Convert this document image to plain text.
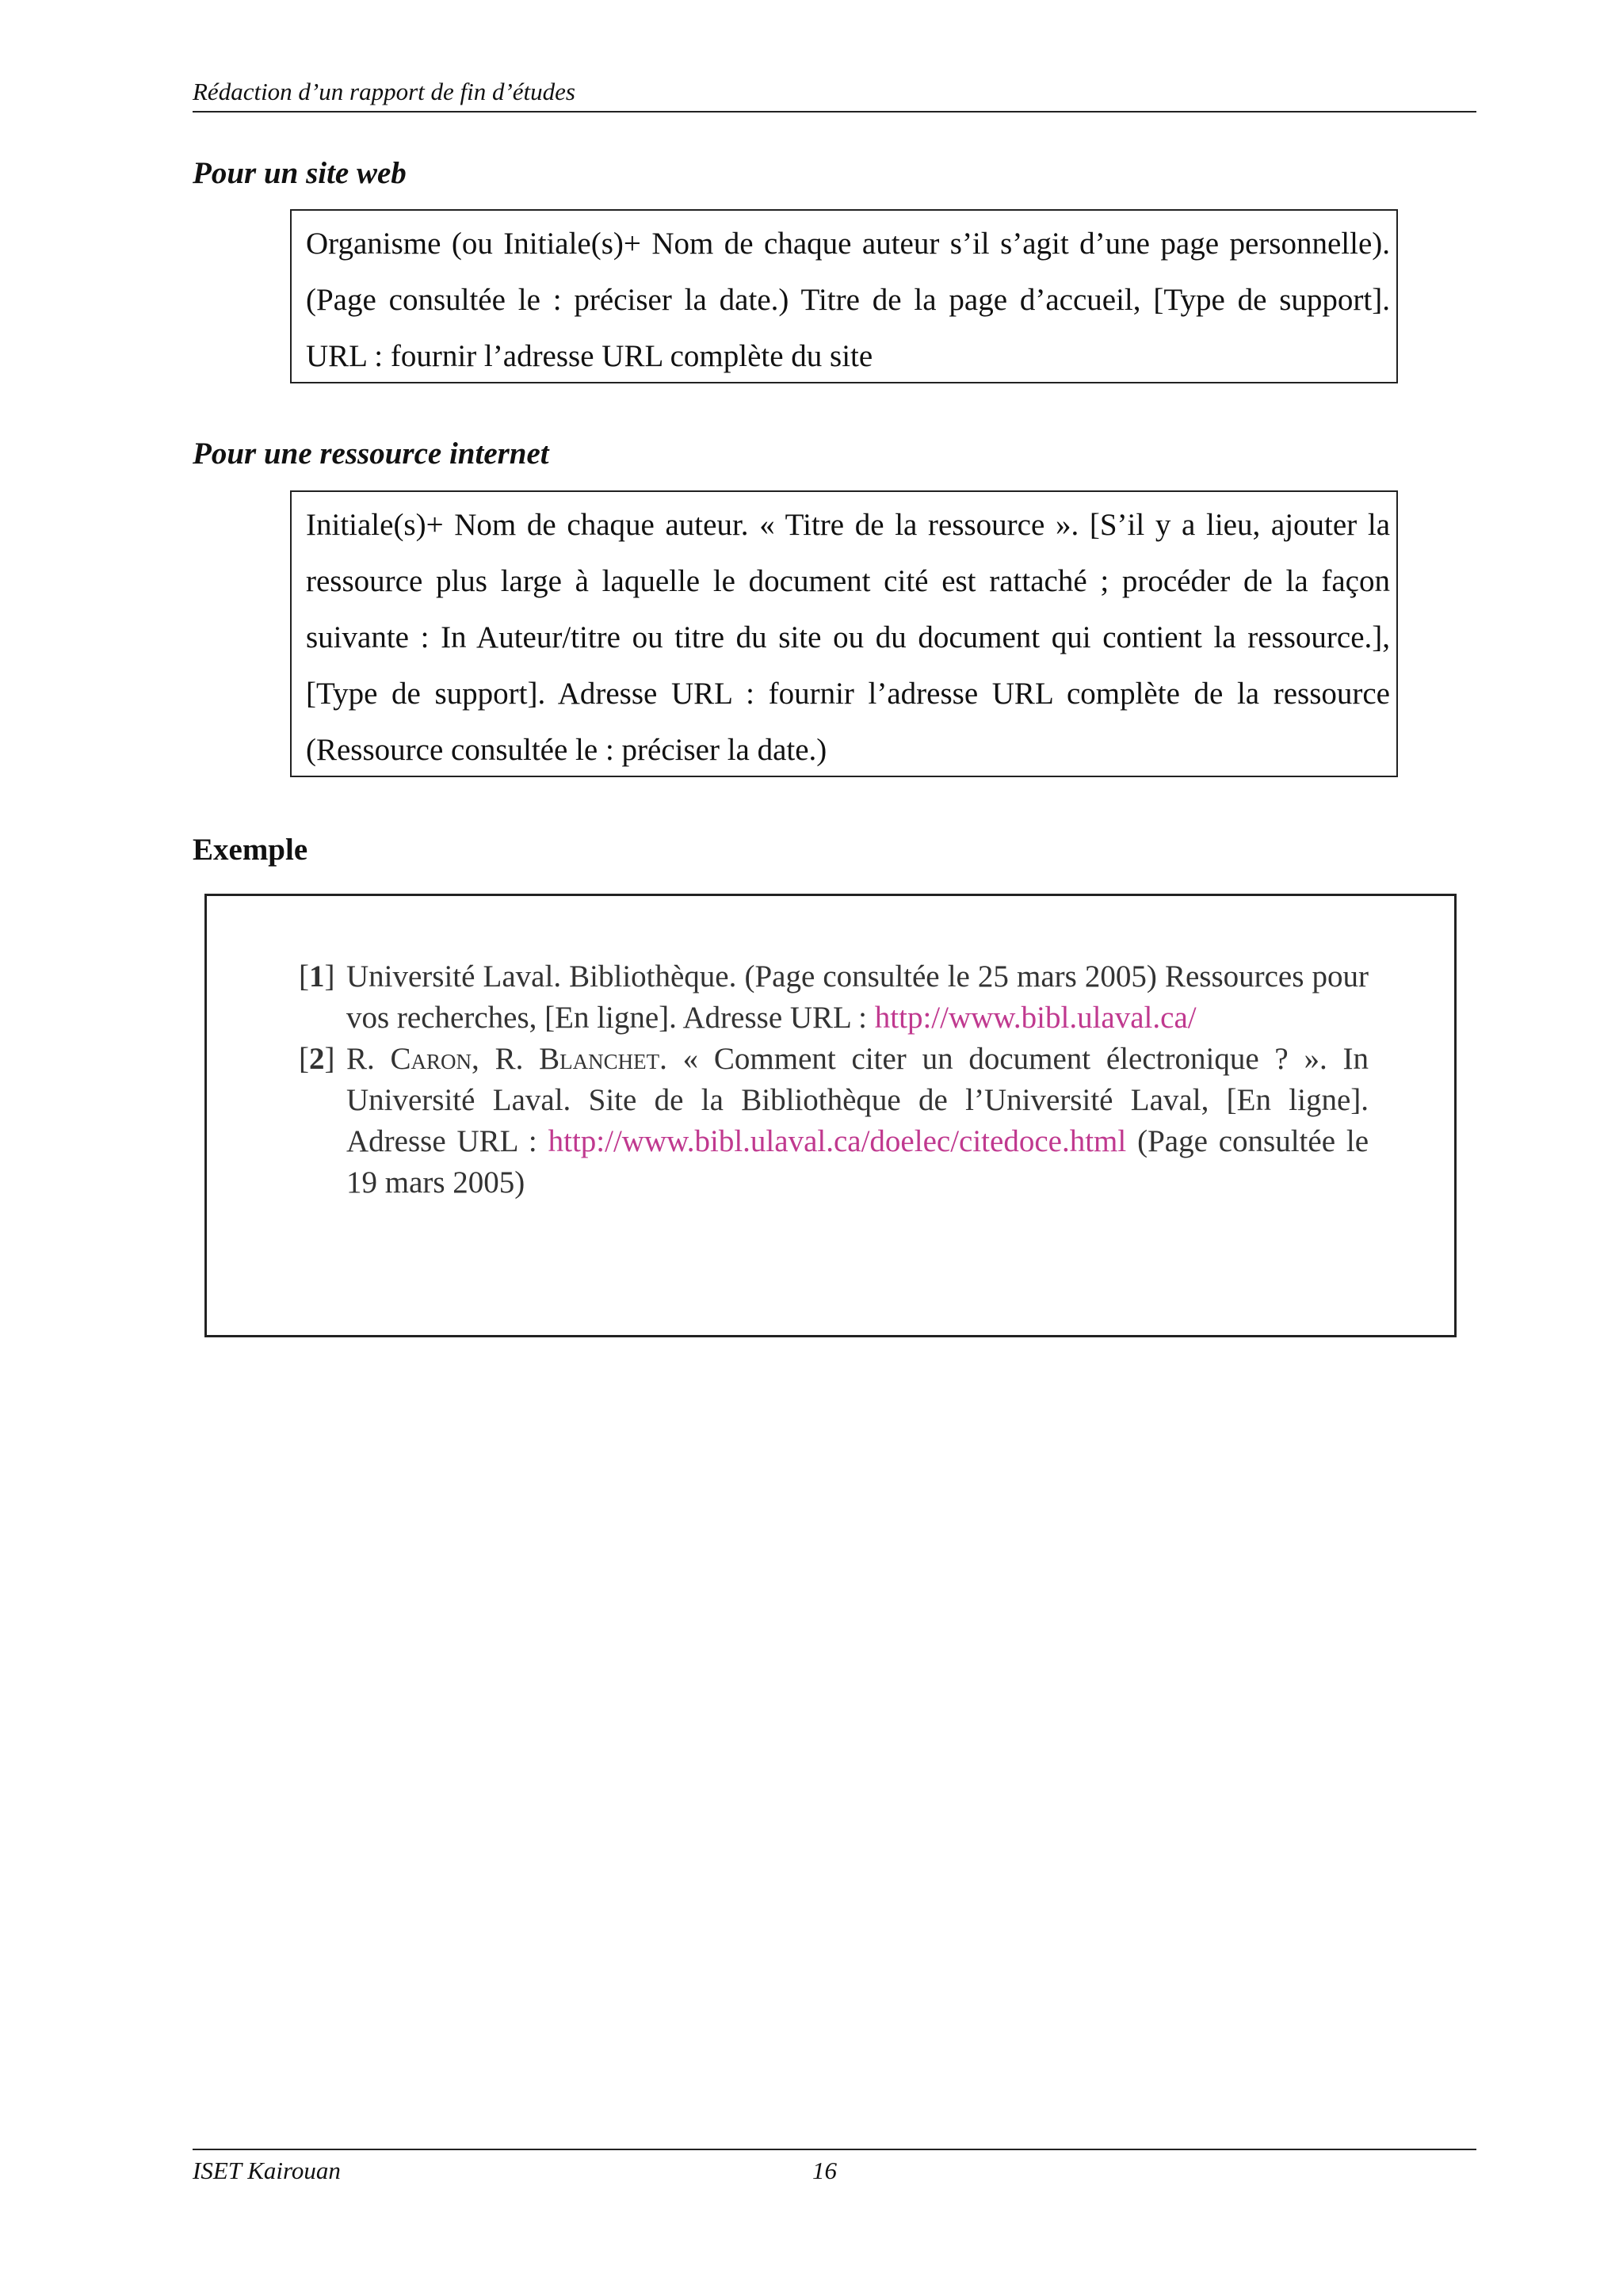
Rédaction d’un rapport de fin d’études
Pour un site web
Organisme (ou Initiale(s)+ Nom de chaque auteur s’il s’agit d’une page personnelle). (Page consultée le : préciser la date.) Titre de la page d’accueil, [Type de support]. URL : fournir l’adresse URL complète du site
Pour une ressource internet
Initiale(s)+ Nom de chaque auteur. « Titre de la ressource ». [S’il y a lieu, ajouter la ressource plus large à laquelle le document cité est rattaché ; procéder de la façon suivante : In Auteur/titre ou titre du site ou du document qui contient la ressource.], [Type de support]. Adresse URL : fournir l’adresse URL complète de la ressource (Ressource consultée le : préciser la date.)
Exemple
[1] Université Laval. Bibliothèque. (Page consultée le 25 mars 2005) Ressources pour vos recherches, [En ligne]. Adresse URL : http://www.bibl.ulaval.ca/
[2] R. Caron, R. Blanchet. « Comment citer un document électronique ? ». In Université Laval. Site de la Bibliothèque de l’Université Laval, [En ligne]. Adresse URL : http://www.bibl.ulaval.ca/doelec/citedoce.html (Page consultée le 19 mars 2005)
ISET Kairouan	16
